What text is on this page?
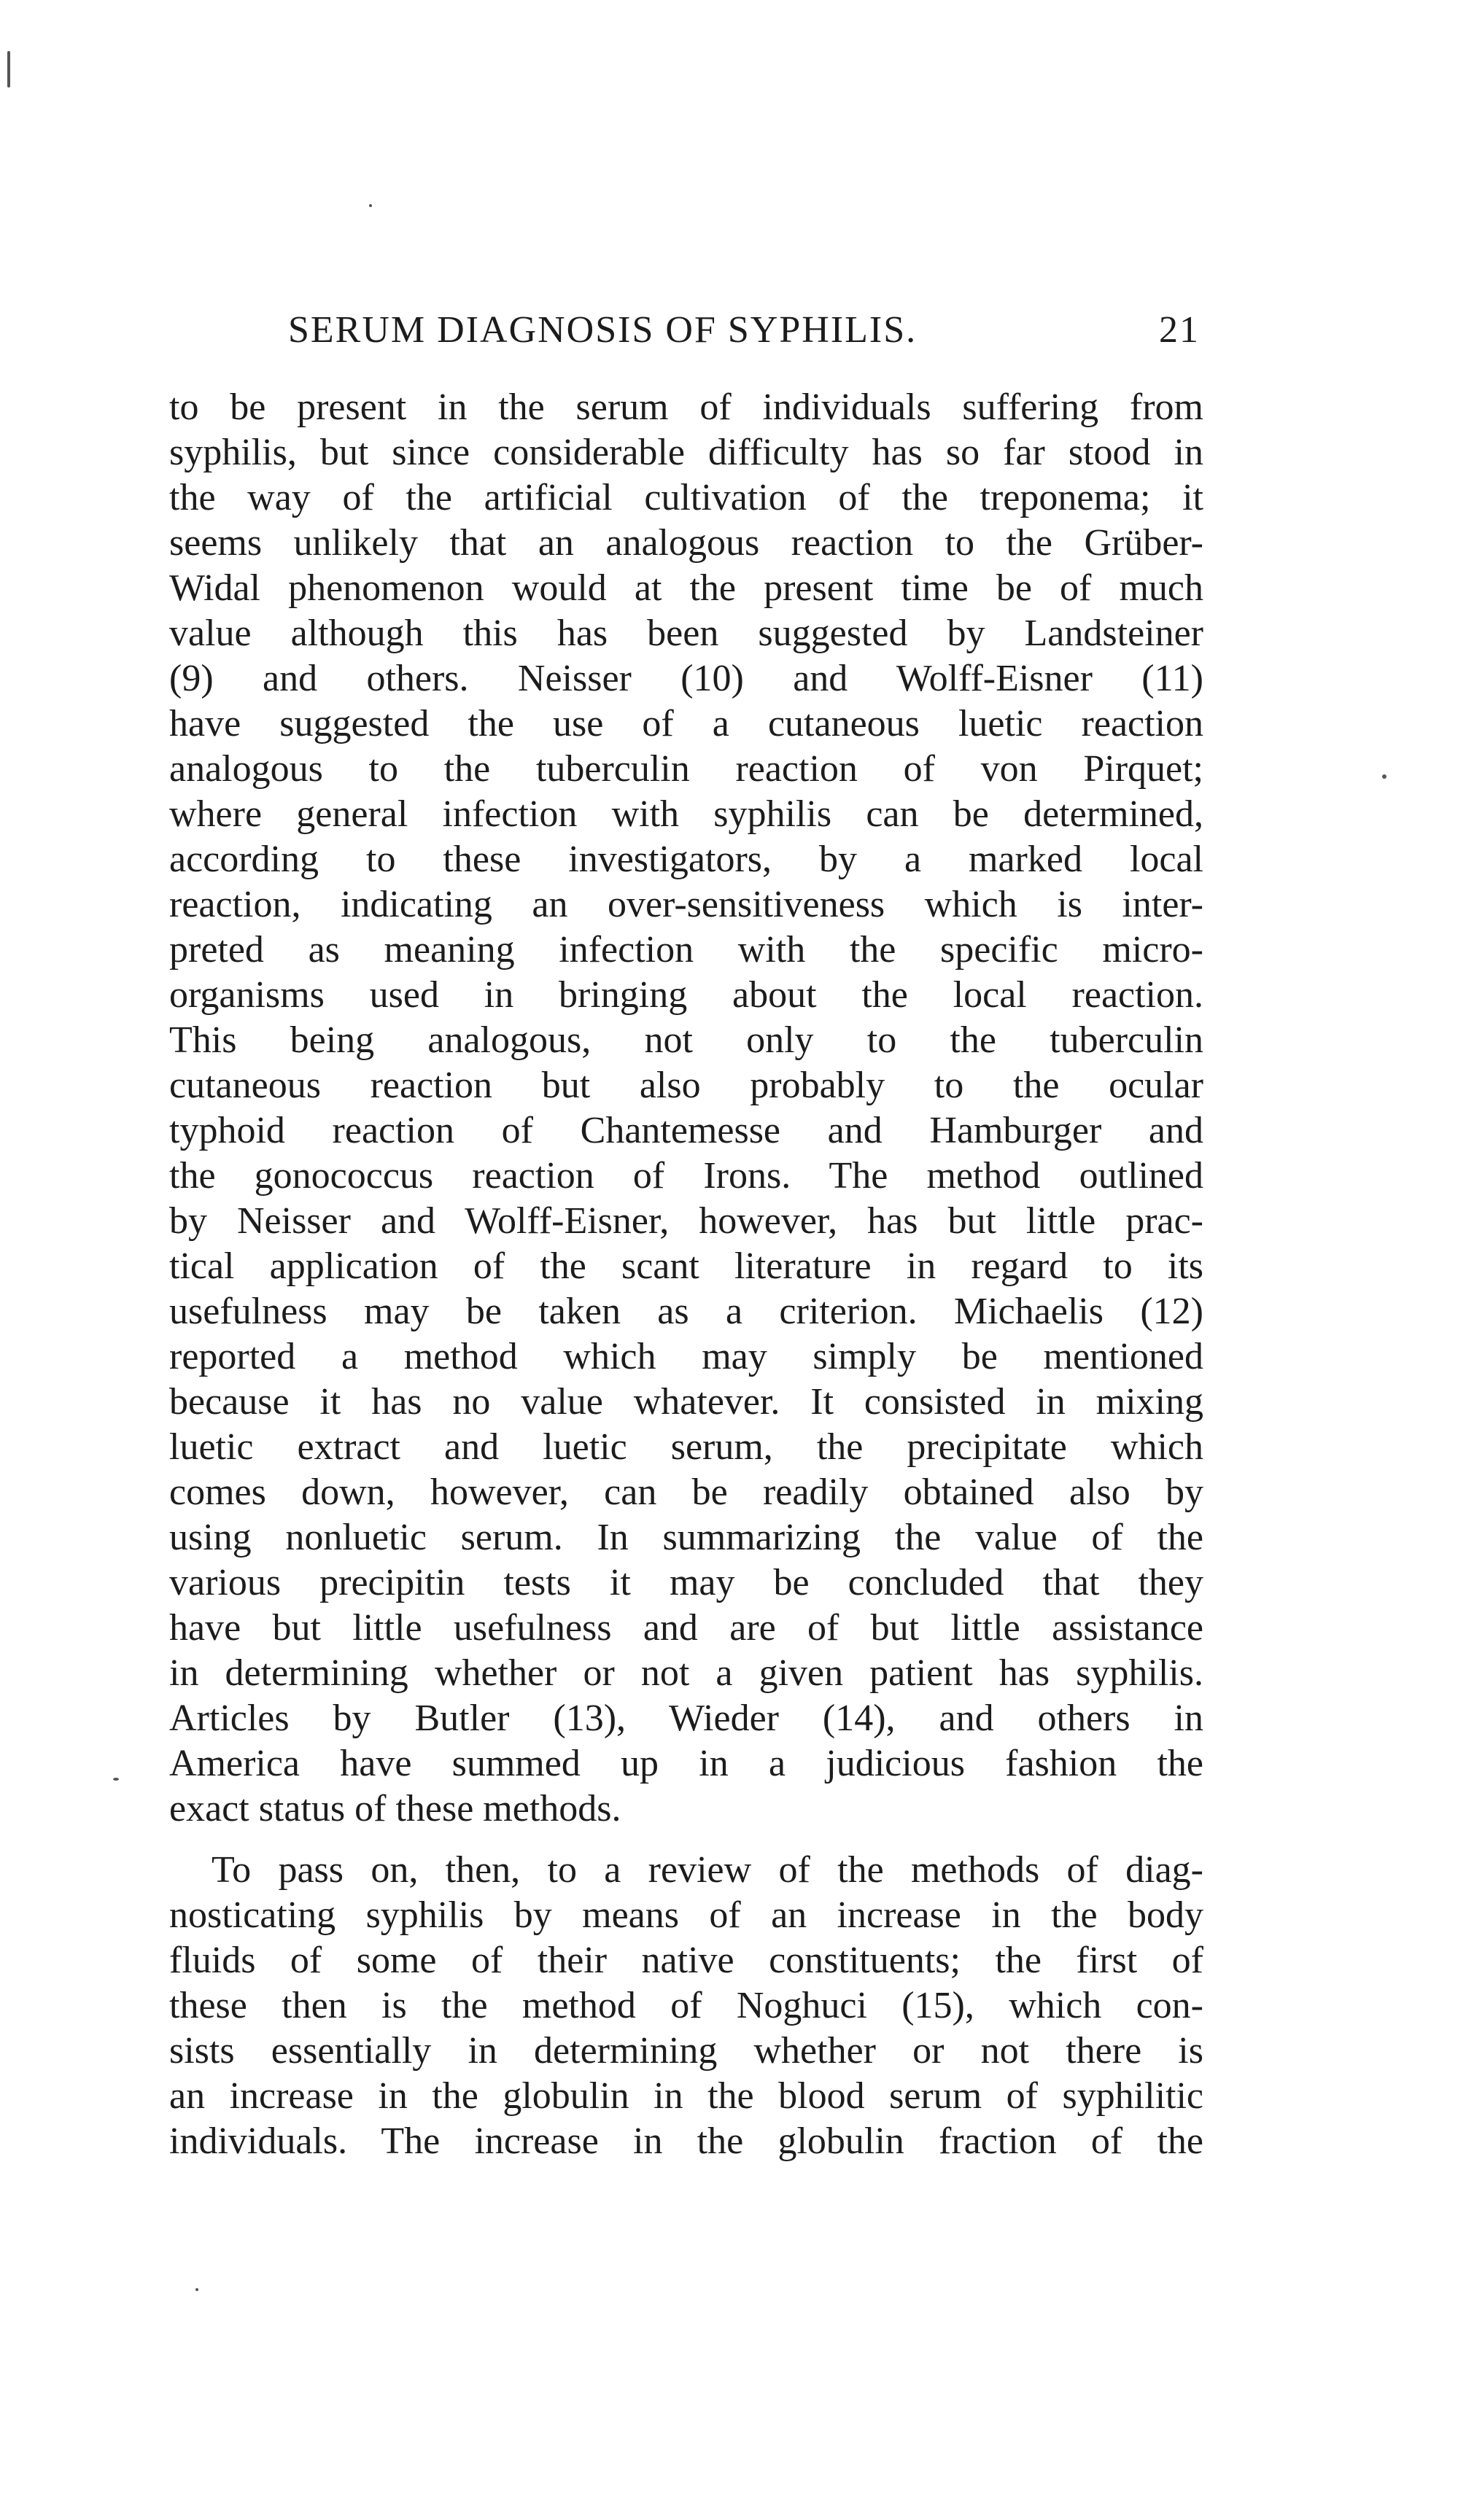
SERUM DIAGNOSIS OF SYPHILIS.	21
to be present in the serum of individuals suffering from
syphilis, but since considerable difficulty has so far stood in
the way of the artificial cultivation of the treponema; it
seems unlikely that an analogous reaction to the Grüber-
Widal phenomenon would at the present time be of much
value although this has been suggested by Landsteiner
(9) and others. Neisser (10) and Wolff-Eisner (11)
have suggested the use of a cutaneous luetic reaction
analogous to the tuberculin reaction of von Pirquet;
where general infection with syphilis can be determined,
according to these investigators, by a marked local
reaction, indicating an over-sensitiveness which is inter-
preted as meaning infection with the specific micro-
organisms used in bringing about the local reaction.
This being analogous, not only to the tuberculin
cutaneous reaction but also probably to the ocular
typhoid reaction of Chantemesse and Hamburger and
the gonococcus reaction of Irons. The method outlined
by Neisser and Wolff-Eisner, however, has but little prac-
tical application of the scant literature in regard to its
usefulness may be taken as a criterion. Michaelis (12)
reported a method which may simply be mentioned
because it has no value whatever. It consisted in mixing
luetic extract and luetic serum, the precipitate which
comes down, however, can be readily obtained also by
using nonluetic serum. In summarizing the value of the
various precipitin tests it may be concluded that they
have but little usefulness and are of but little assistance
in determining whether or not a given patient has syphilis.
Articles by Butler (13), Wieder (14), and others in
America have summed up in a judicious fashion the
exact status of these methods.
To pass on, then, to a review of the methods of diag-
nosticating syphilis by means of an increase in the body
fluids of some of their native constituents; the first of
these then is the method of Noghuci (15), which con-
sists essentially in determining whether or not there is
an increase in the globulin in the blood serum of syphilitic
individuals. The increase in the globulin fraction of the
